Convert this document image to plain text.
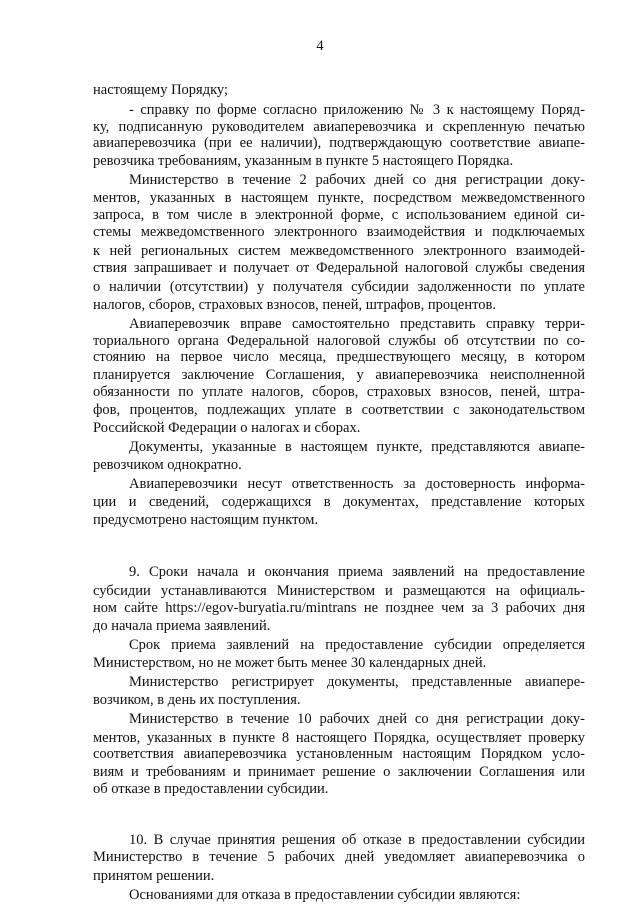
4
настоящему Порядку;
- справку по форме согласно приложению № 3 к настоящему Поряд-
ку, подписанную руководителем авиаперевозчика и скрепленную печатью
авиаперевозчика (при ее наличии), подтверждающую соответствие авиапе-
ревозчика требованиям, указанным в пункте 5 настоящего Порядка.
Министерство в течение 2 рабочих дней со дня регистрации доку-
ментов, указанных в настоящем пункте, посредством межведомственного
запроса, в том числе в электронной форме, с использованием единой си-
стемы межведомственного электронного взаимодействия и подключаемых
к ней региональных систем межведомственного электронного взаимодей-
ствия запрашивает и получает от Федеральной налоговой службы сведения
о наличии (отсутствии) у получателя субсидии задолженности по уплате
налогов, сборов, страховых взносов, пеней, штрафов, процентов.
Авиаперевозчик вправе самостоятельно представить справку терри-
ториального органа Федеральной налоговой службы об отсутствии по со-
стоянию на первое число месяца, предшествующего месяцу, в котором
планируется заключение Соглашения, у авиаперевозчика неисполненной
обязанности по уплате налогов, сборов, страховых взносов, пеней, штра-
фов, процентов, подлежащих уплате в соответствии с законодательством
Российской Федерации о налогах и сборах.
Документы, указанные в настоящем пункте, представляются авиапе-
ревозчиком однократно.
Авиаперевозчики несут ответственность за достоверность информа-
ции и сведений, содержащихся в документах, представление которых
предусмотрено настоящим пунктом.
9. Сроки начала и окончания приема заявлений на предоставление
субсидии устанавливаются Министерством и размещаются на официаль-
ном сайте https://egov-buryatia.ru/mintrans не позднее чем за 3 рабочих дня
до начала приема заявлений.
Срок приема заявлений на предоставление субсидии определяется
Министерством, но не может быть менее 30 календарных дней.
Министерство регистрирует документы, представленные авиапере-
возчиком, в день их поступления.
Министерство в течение 10 рабочих дней со дня регистрации доку-
ментов, указанных в пункте 8 настоящего Порядка, осуществляет проверку
соответствия авиаперевозчика установленным настоящим Порядком усло-
виям и требованиям и принимает решение о заключении Соглашения или
об отказе в предоставлении субсидии.
10. В случае принятия решения об отказе в предоставлении субсидии
Министерство в течение 5 рабочих дней уведомляет авиаперевозчика о
принятом решении.
Основаниями для отказа в предоставлении субсидии являются:
